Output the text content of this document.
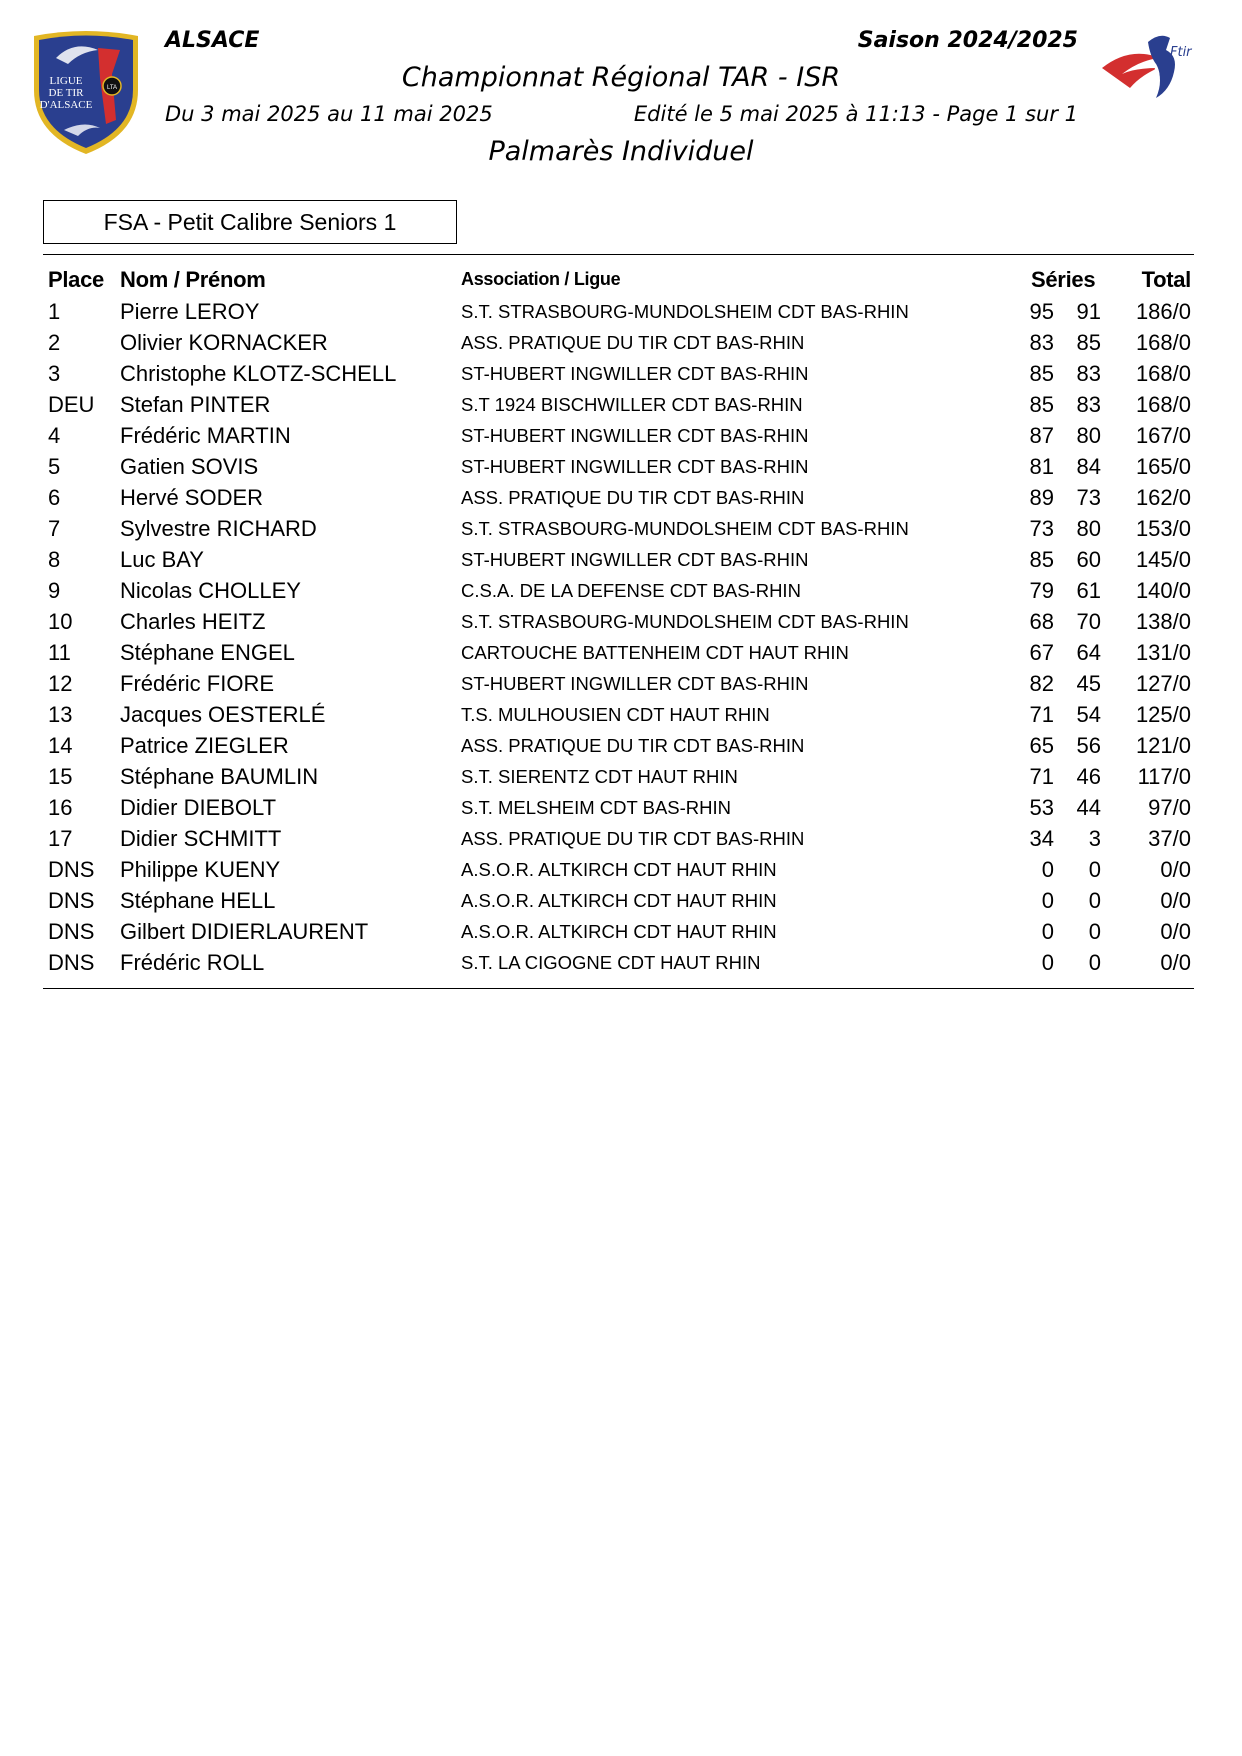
LTA
LIGUE
DE TIR
D'ALSACE
Ftir
ALSACE	Saison 2024/2025
Championnat Régional TAR - ISR
Du 3 mai 2025 au 11 mai 2025	Edité le 5 mai 2025 à 11:13 - Page 1 sur 1
Palmarès Individuel
FSA - Petit Calibre Seniors 1
Place Nom / Prénom	Association / Ligue	Séries Total
1	Pierre LEROY	S.T. STRASBOURG-MUNDOLSHEIM CDT BAS-RHIN	95 91 186/0
2	Olivier KORNACKER	ASS. PRATIQUE DU TIR CDT BAS-RHIN	83 85 168/0
3	Christophe KLOTZ-SCHELL	ST-HUBERT INGWILLER CDT BAS-RHIN	85 83 168/0
DEU Stefan PINTER	S.T 1924 BISCHWILLER CDT BAS-RHIN	85 83 168/0
4	Frédéric MARTIN	ST-HUBERT INGWILLER CDT BAS-RHIN	87 80 167/0
5	Gatien SOVIS	ST-HUBERT INGWILLER CDT BAS-RHIN	81 84 165/0
6	Hervé SODER	ASS. PRATIQUE DU TIR CDT BAS-RHIN	89 73 162/0
7	Sylvestre RICHARD	S.T. STRASBOURG-MUNDOLSHEIM CDT BAS-RHIN	73 80 153/0
8	Luc BAY	ST-HUBERT INGWILLER CDT BAS-RHIN	85 60 145/0
9	Nicolas CHOLLEY	C.S.A. DE LA DEFENSE CDT BAS-RHIN	79 61 140/0
10 Charles HEITZ	S.T. STRASBOURG-MUNDOLSHEIM CDT BAS-RHIN	68 70 138/0
11 Stéphane ENGEL	CARTOUCHE BATTENHEIM CDT HAUT RHIN	67 64 131/0
12 Frédéric FIORE	ST-HUBERT INGWILLER CDT BAS-RHIN	82 45 127/0
13 Jacques OESTERLÉ	T.S. MULHOUSIEN CDT HAUT RHIN	71 54 125/0
14 Patrice ZIEGLER	ASS. PRATIQUE DU TIR CDT BAS-RHIN	65 56 121/0
15 Stéphane BAUMLIN	S.T. SIERENTZ CDT HAUT RHIN	71 46 117/0
16 Didier DIEBOLT	S.T. MELSHEIM CDT BAS-RHIN	53 44 97/0
17 Didier SCHMITT	ASS. PRATIQUE DU TIR CDT BAS-RHIN	34 3 37/0
DNS Philippe KUENY	A.S.O.R. ALTKIRCH CDT HAUT RHIN	0 0	0/0
DNS Stéphane HELL	A.S.O.R. ALTKIRCH CDT HAUT RHIN	0 0	0/0
DNS Gilbert DIDIERLAURENT	A.S.O.R. ALTKIRCH CDT HAUT RHIN	0 0	0/0
DNS Frédéric ROLL	S.T. LA CIGOGNE CDT HAUT RHIN	0 0	0/0
